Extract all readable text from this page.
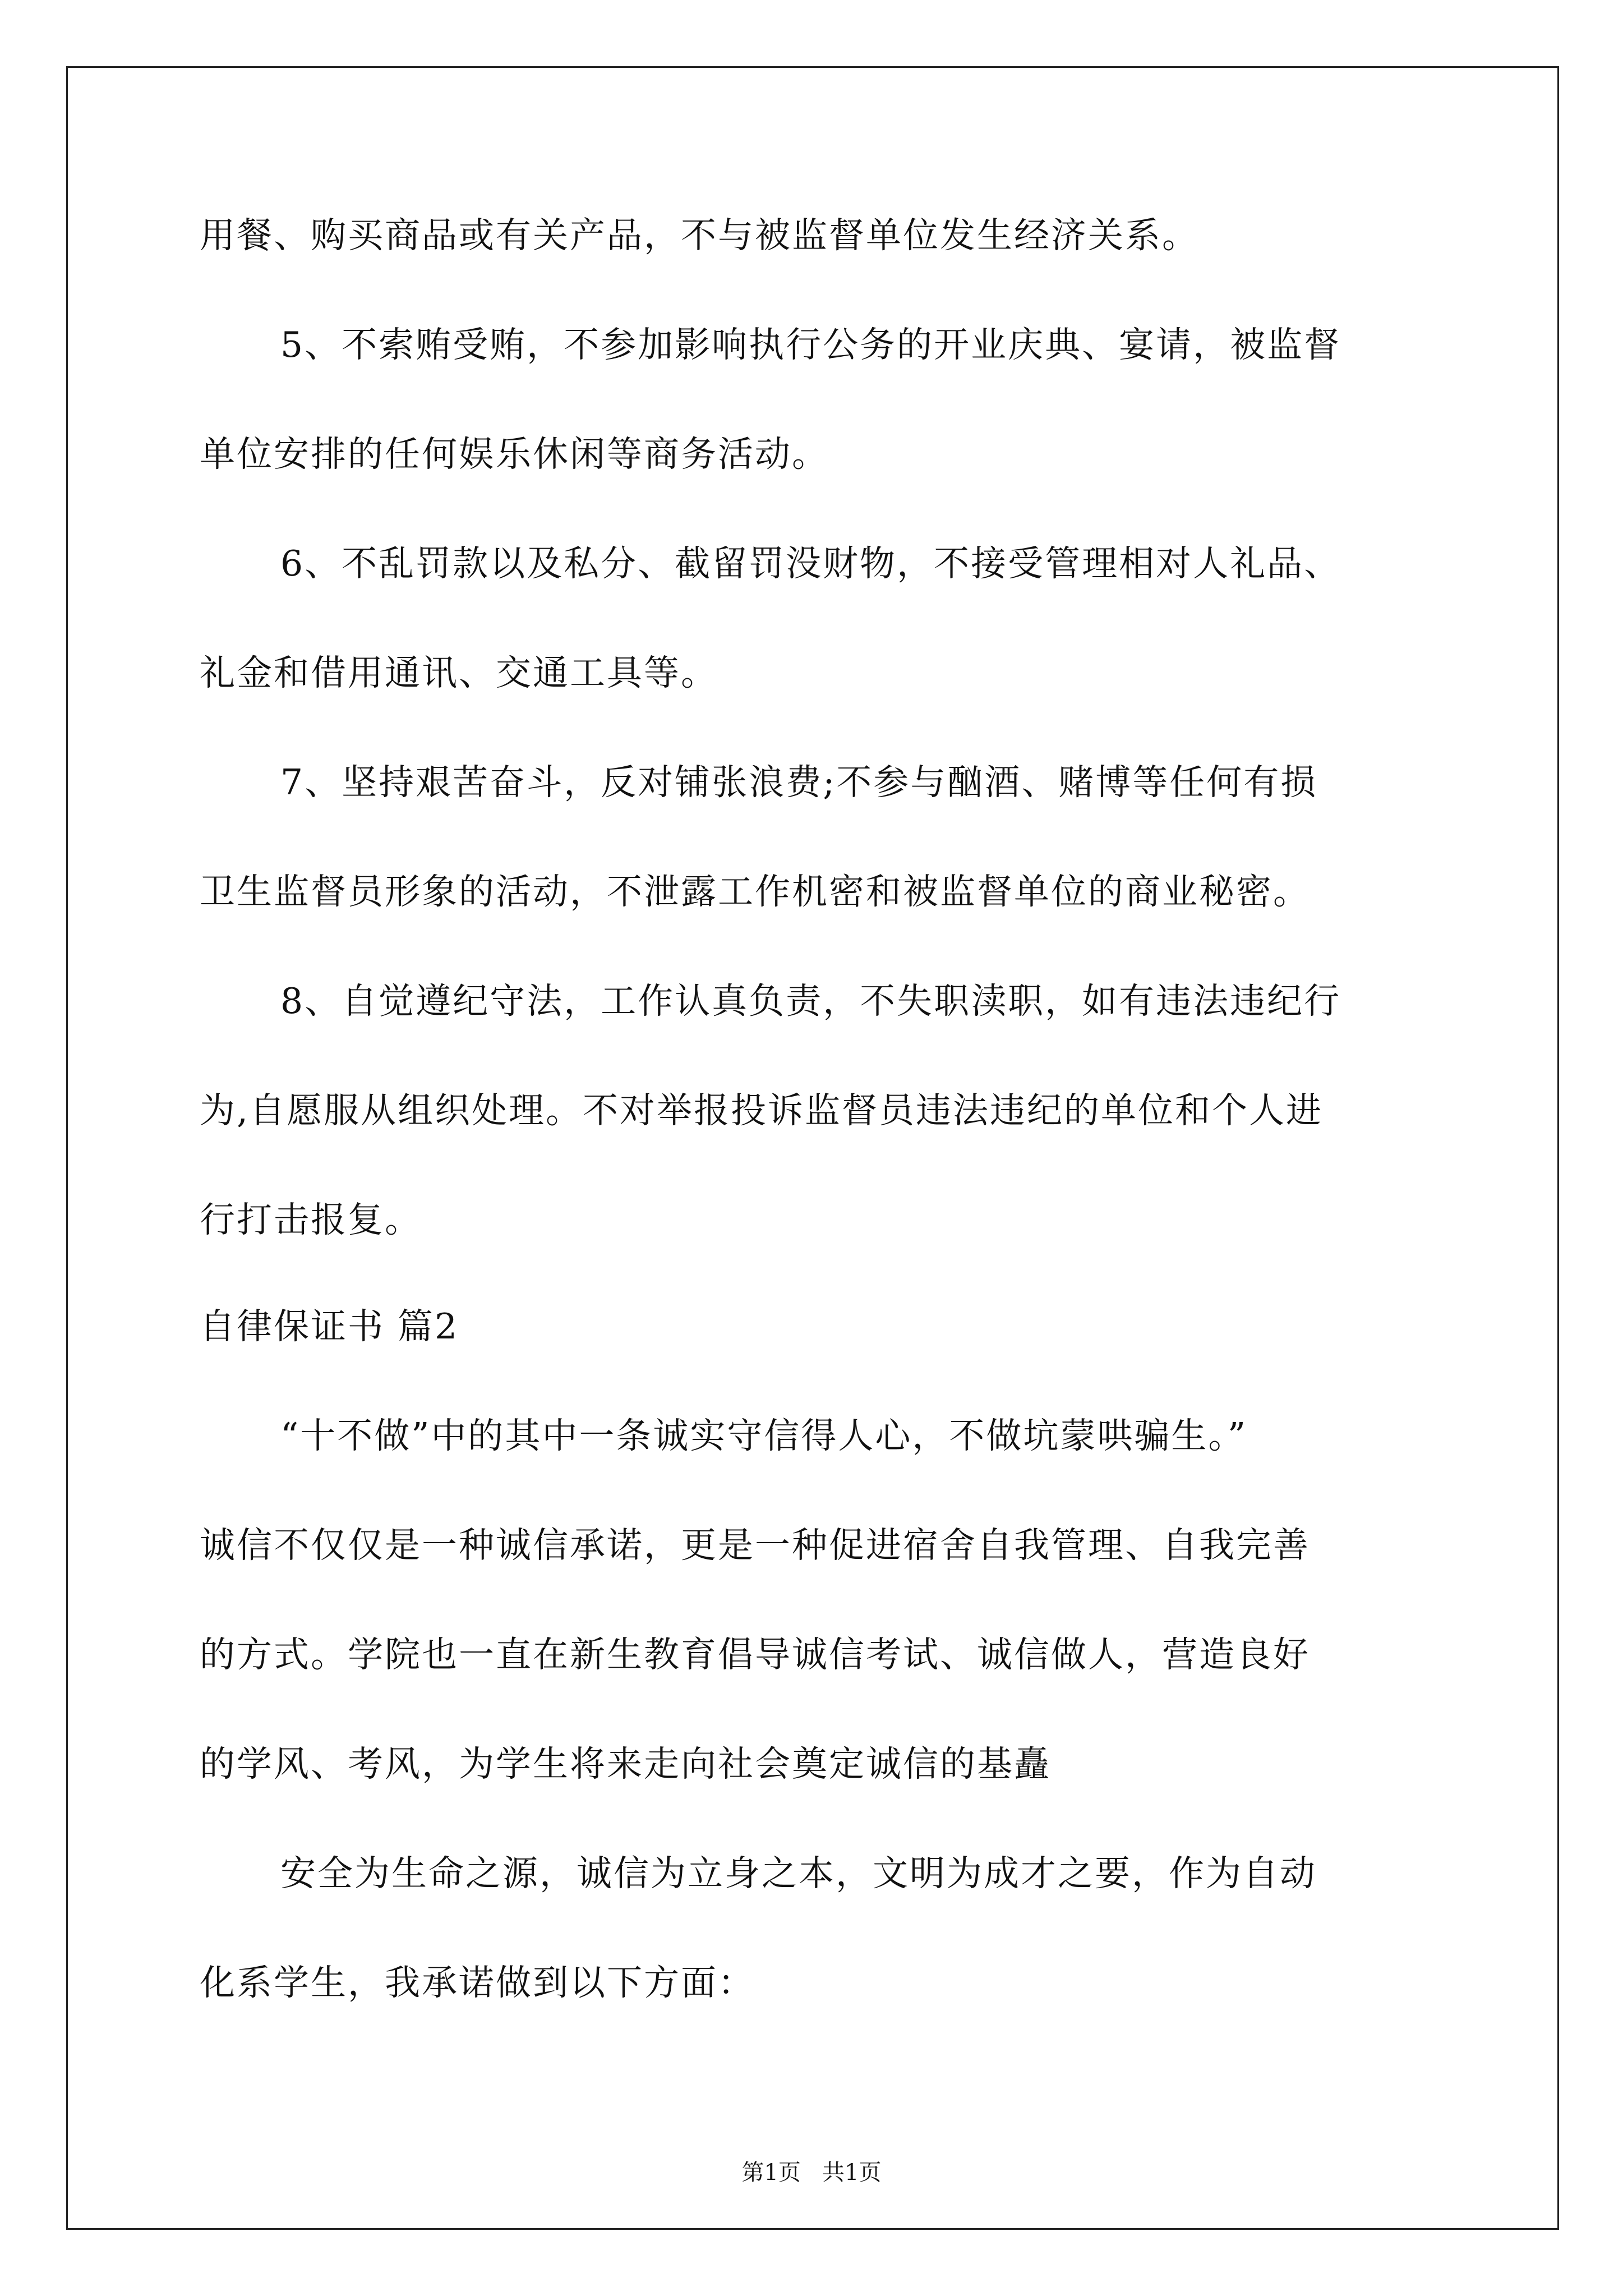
用餐、购买商品或有关产品，不与被监督单位发生经济关系。
5、不索贿受贿，不参加影响执行公务的开业庆典、宴请，被监督
单位安排的任何娱乐休闲等商务活动。
6、不乱罚款以及私分、截留罚没财物，不接受管理相对人礼品、
礼金和借用通讯、交通工具等。
7、坚持艰苦奋斗，反对铺张浪费;不参与酗酒、赌博等任何有损
卫生监督员形象的活动，不泄露工作机密和被监督单位的商业秘密。
8、自觉遵纪守法，工作认真负责，不失职渎职，如有违法违纪行
为,自愿服从组织处理。不对举报投诉监督员违法违纪的单位和个人进
行打击报复。
自律保证书 篇2
“十不做”中的其中一条诚实守信得人心，不做坑蒙哄骗生。”
诚信不仅仅是一种诚信承诺，更是一种促进宿舍自我管理、自我完善
的方式。学院也一直在新生教育倡导诚信考试、诚信做人，营造良好
的学风、考风，为学生将来走向社会奠定诚信的基矗
安全为生命之源，诚信为立身之本，文明为成才之要，作为自动
化系学生，我承诺做到以下方面：
第1页   共1页
